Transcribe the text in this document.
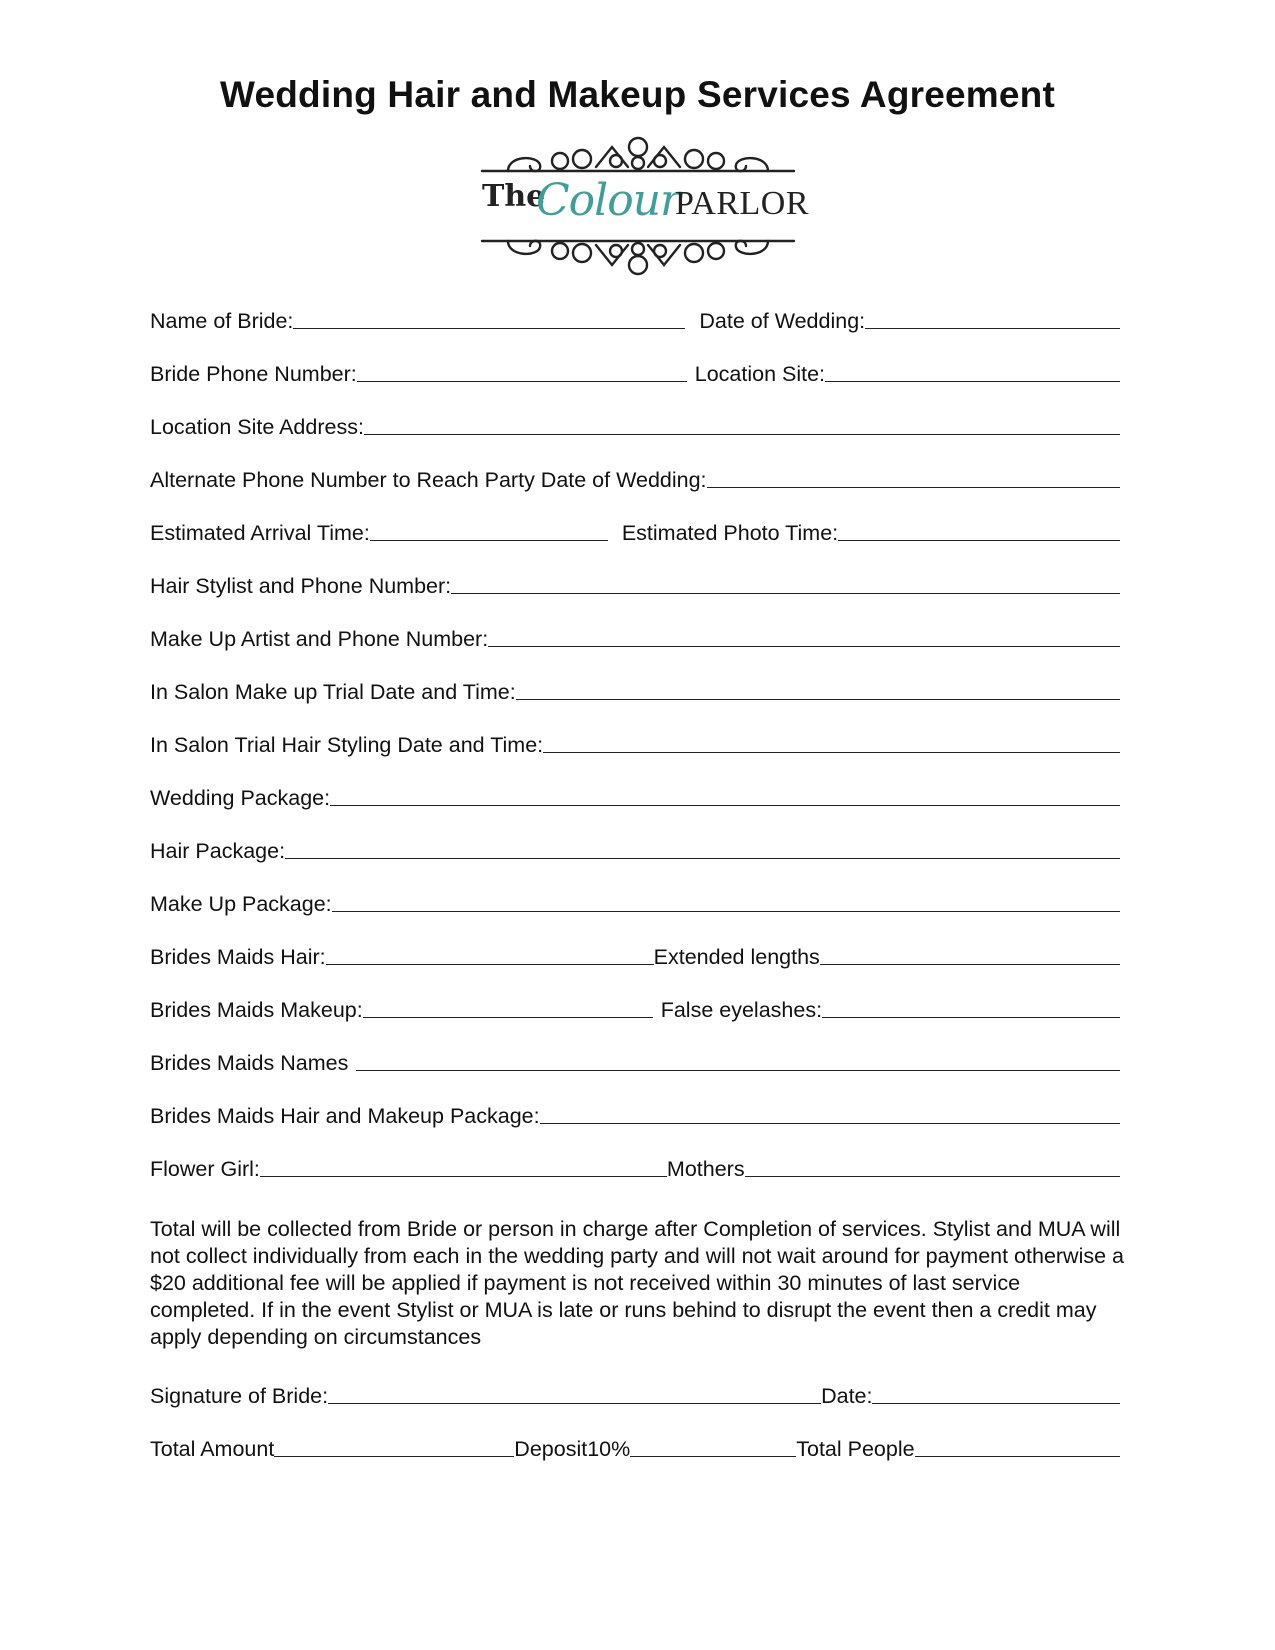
Wedding Hair and Makeup Services Agreement
The
Colour
PARLOR
Name of Bride:	Date of Wedding:
Bride Phone Number:	Location Site:
Location Site Address:
Alternate Phone Number to Reach Party Date of Wedding:
Estimated Arrival Time:	Estimated Photo Time:
Hair Stylist and Phone Number:
Make Up Artist and Phone Number:
In Salon Make up Trial Date and Time:
In Salon Trial Hair Styling Date and Time:
Wedding Package:
Hair Package:
Make Up Package:
Brides Maids Hair:	Extended lengths
Brides Maids Makeup:	False eyelashes:
Brides Maids Names
Brides Maids Hair and Makeup Package:
Flower Girl:	Mothers
Total will be collected from Bride or person in charge after Completion of services. Stylist and MUA will not collect individually from each in the wedding party and will not wait around for payment otherwise a $20 additional fee will be applied if payment is not received within 30 minutes of last service completed. If in the event Stylist or MUA is late or runs behind to disrupt the event then a credit may apply depending on circumstances
Signature of Bride:	Date:
Total Amount	Deposit10%	Total People
